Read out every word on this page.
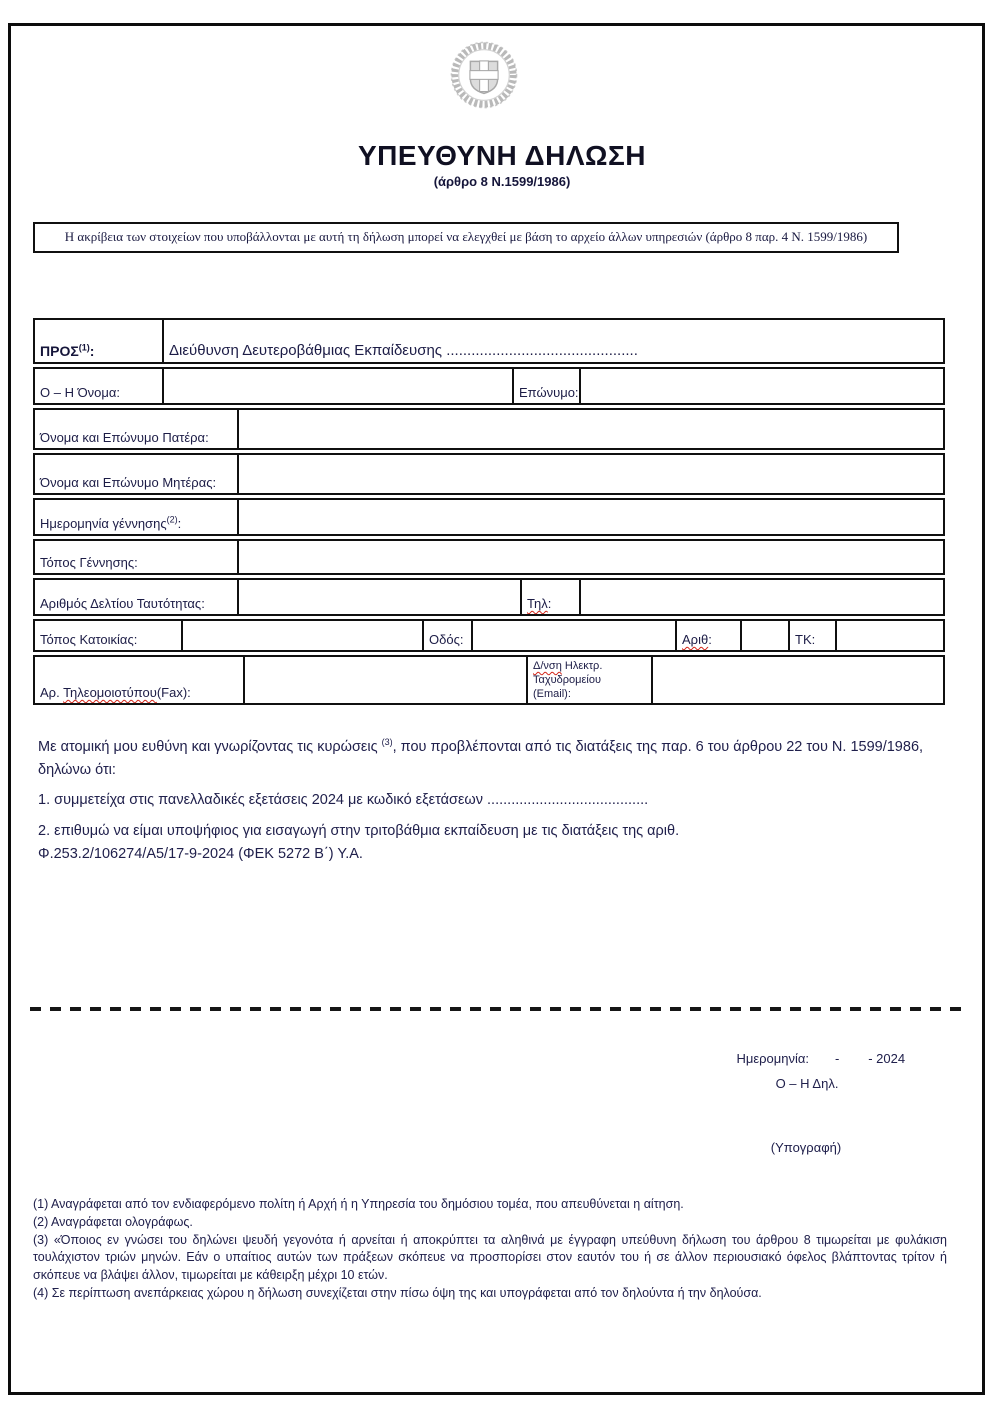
ΥΠΕΥΘΥΝΗ ΔΗΛΩΣΗ
(άρθρο 8 Ν.1599/1986)
Η ακρίβεια των στοιχείων που υποβάλλονται με αυτή τη δήλωση μπορεί να ελεγχθεί με βάση το αρχείο άλλων υπηρεσιών (άρθρο 8 παρ. 4 Ν. 1599/1986)
ΠΡΟΣ$^{(1)}$:	Διεύθυνση Δευτεροβάθμιας Εκπαίδευσης ..............................................
Ο – Η Όνομα:	Επώνυμο:
Όνομα και Επώνυμο Πατέρα:
Όνομα και Επώνυμο Μητέρας:
Ημερομηνία γέννησης$^{(2)}$:
Τόπος Γέννησης:
Αριθμός Δελτίου Ταυτότητας:	Τηλ:
Τόπος Κατοικίας:	Οδός:	Αριθ:	ΤΚ:
Αρ. Τηλεομοιοτύπου(Fax):
Δ/νση Ηλεκτρ.
Ταχυδρομείου
(Email):

Με ατομική μου ευθύνη και γνωρίζοντας τις κυρώσεις $^{(3)}$, που προβλέπονται από τις διατάξεις της παρ. 6 του άρθρου 22 του Ν. 1599/1986, δηλώνω ότι:

1. συμμετείχα στις πανελλαδικές εξετάσεις 2024 με κωδικό εξετάσεων ........................................

2. επιθυμώ να είμαι υποψήφιος για εισαγωγή στην τριτοβάθμια εκπαίδευση με τις διατάξεις της αριθ.
Φ.253.2/106274/Α5/17-9-2024 (ΦΕΚ 5272 Β΄) Υ.Α.

Ημερομηνία: -        - 2024

Ο – Η Δηλ.
(Υπογραφή)

(1) Αναγράφεται από τον ενδιαφερόμενο πολίτη ή Αρχή ή η Υπηρεσία του δημόσιου τομέα, που απευθύνεται η αίτηση.

(2) Αναγράφεται ολογράφως.

(3) «Όποιος εν γνώσει του δηλώνει ψευδή γεγονότα ή αρνείται ή αποκρύπτει τα αληθινά με έγγραφη υπεύθυνη δήλωση του άρθρου 8 τιμωρείται με φυλάκιση τουλάχιστον τριών μηνών. Εάν ο υπαίτιος αυτών των πράξεων σκόπευε να προσπορίσει στον εαυτόν του ή σε άλλον περιουσιακό όφελος βλάπτοντας τρίτον ή σκόπευε να βλάψει άλλον, τιμωρείται με κάθειρξη μέχρι 10 ετών.

(4) Σε περίπτωση ανεπάρκειας χώρου η δήλωση συνεχίζεται στην πίσω όψη της και υπογράφεται από τον δηλούντα ή την δηλούσα.
